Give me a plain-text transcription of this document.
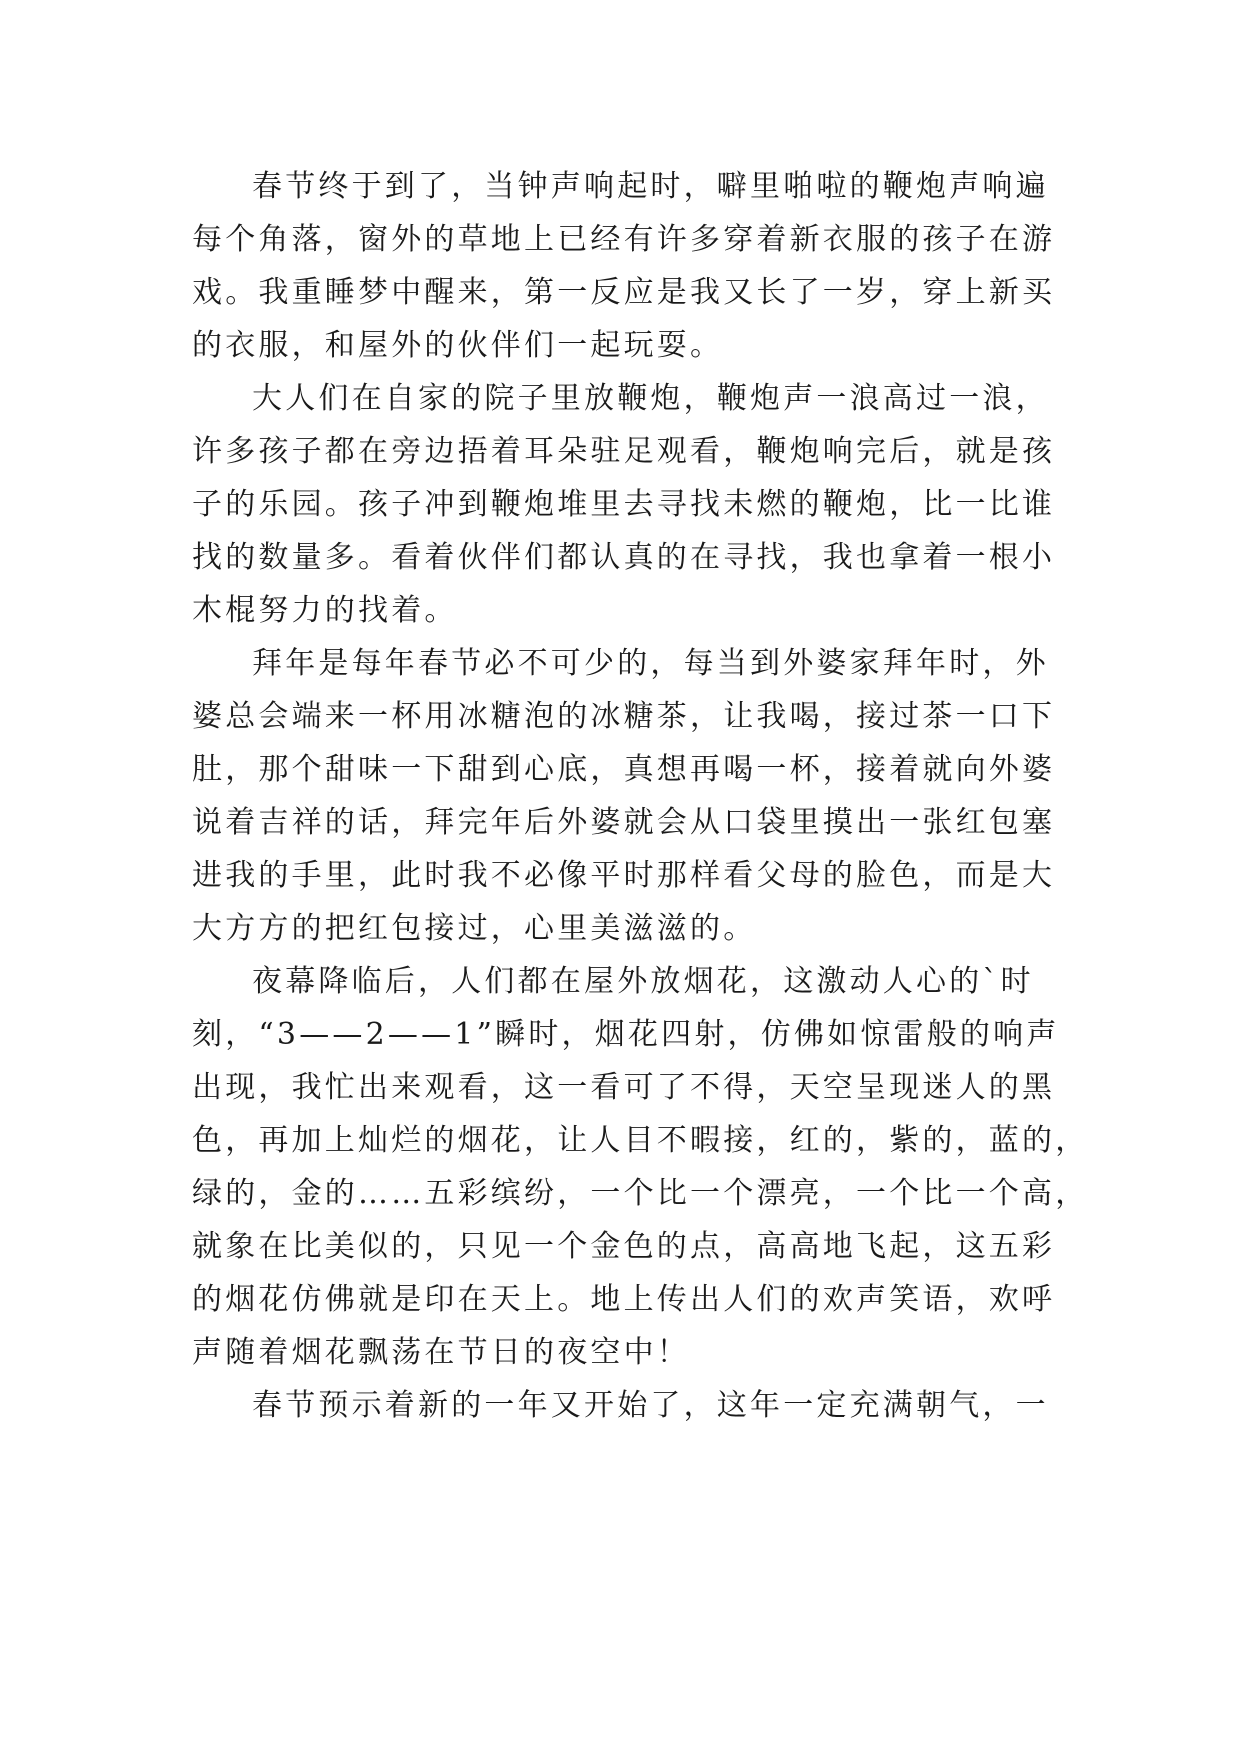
春节终于到了，当钟声响起时，噼里啪啦的鞭炮声响遍
每个角落，窗外的草地上已经有许多穿着新衣服的孩子在游
戏。我重睡梦中醒来，第一反应是我又长了一岁，穿上新买
的衣服，和屋外的伙伴们一起玩耍。
大人们在自家的院子里放鞭炮，鞭炮声一浪高过一浪，
许多孩子都在旁边捂着耳朵驻足观看，鞭炮响完后，就是孩
子的乐园。孩子冲到鞭炮堆里去寻找未燃的鞭炮，比一比谁
找的数量多。看着伙伴们都认真的在寻找，我也拿着一根小
木棍努力的找着。
拜年是每年春节必不可少的，每当到外婆家拜年时，外
婆总会端来一杯用冰糖泡的冰糖茶，让我喝，接过茶一口下
肚，那个甜味一下甜到心底，真想再喝一杯，接着就向外婆
说着吉祥的话，拜完年后外婆就会从口袋里摸出一张红包塞
进我的手里，此时我不必像平时那样看父母的脸色，而是大
大方方的把红包接过，心里美滋滋的。
夜幕降临后，人们都在屋外放烟花，这激动人心的`时
刻，“3——2——1”瞬时，烟花四射，仿佛如惊雷般的响声
出现，我忙出来观看，这一看可了不得，天空呈现迷人的黑
色，再加上灿烂的烟花，让人目不暇接，红的，紫的，蓝的，
绿的，金的……五彩缤纷，一个比一个漂亮，一个比一个高，
就象在比美似的，只见一个金色的点，高高地飞起，这五彩
的烟花仿佛就是印在天上。地上传出人们的欢声笑语，欢呼
声随着烟花飘荡在节日的夜空中！
春节预示着新的一年又开始了，这年一定充满朝气，一
